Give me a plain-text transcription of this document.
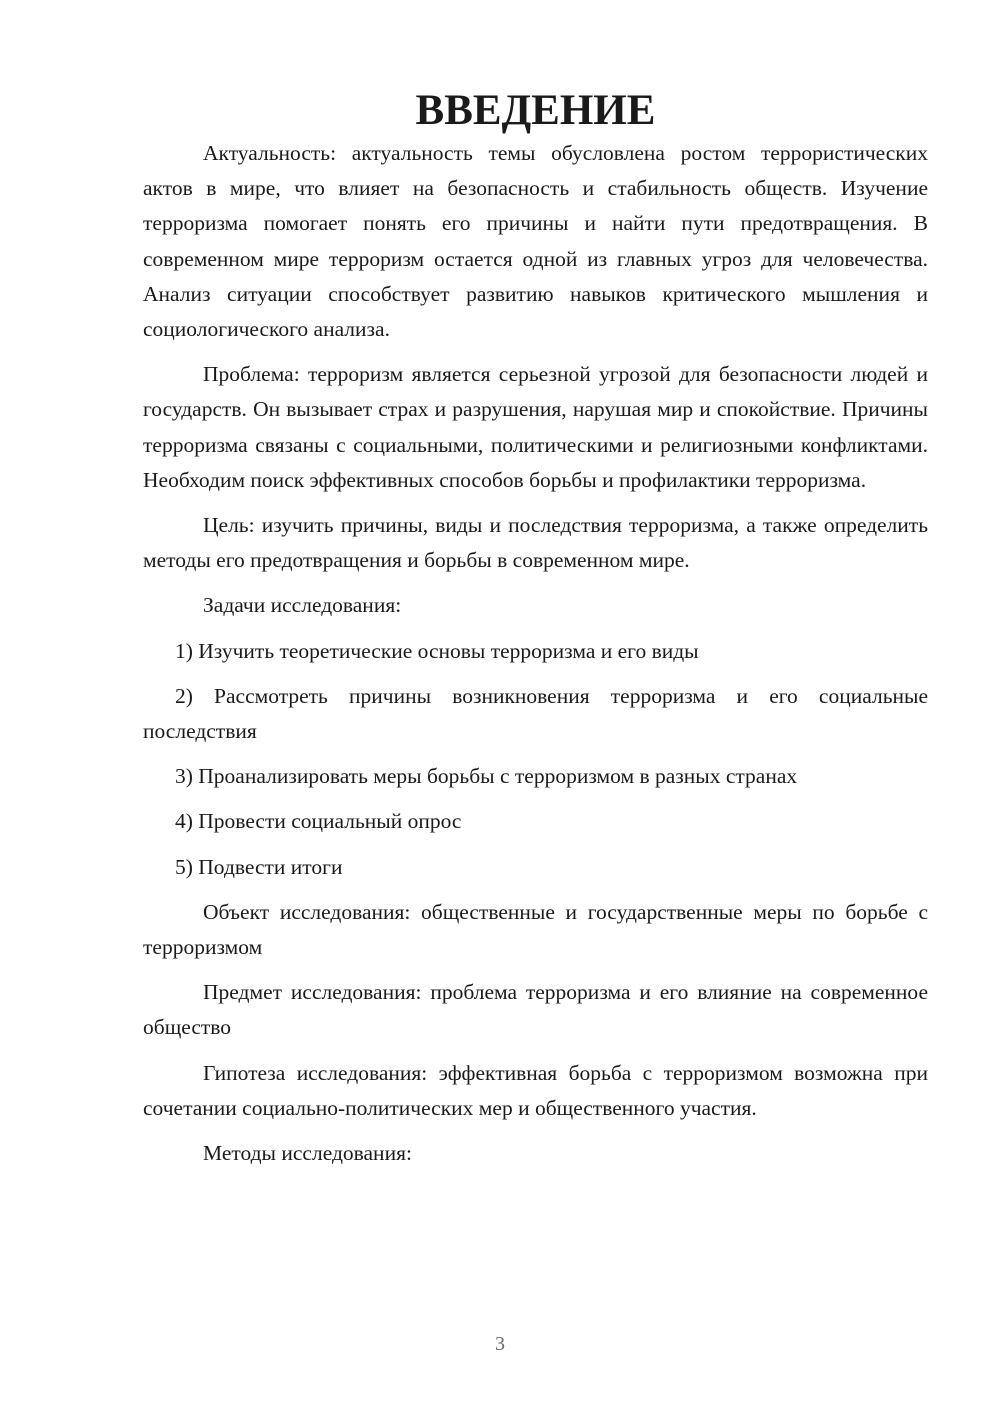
ВВЕДЕНИЕ

Актуальность: актуальность темы обусловлена ростом террористических актов в мире, что влияет на безопасность и стабильность обществ. Изучение терроризма помогает понять его причины и найти пути предотвращения. В современном мире терроризм остается одной из главных угроз для человечества. Анализ ситуации способствует развитию навыков критического мышления и социологического анализа.

Проблема: терроризм является серьезной угрозой для безопасности людей и государств. Он вызывает страх и разрушения, нарушая мир и спокойствие. Причины терроризма связаны с социальными, политическими и религиозными конфликтами. Необходим поиск эффективных способов борьбы и профилактики терроризма.

Цель: изучить причины, виды и последствия терроризма, а также определить методы его предотвращения и борьбы в современном мире.

Задачи исследования:

1) Изучить теоретические основы терроризма и его виды

2) Рассмотреть причины возникновения терроризма и его социальные последствия

3) Проанализировать меры борьбы с терроризмом в разных странах

4) Провести социальный опрос

5) Подвести итоги

Объект исследования: общественные и государственные меры по борьбе с терроризмом

Предмет исследования: проблема терроризма и его влияние на современное общество

Гипотеза исследования: эффективная борьба с терроризмом возможна при сочетании социально-политических мер и общественного участия.

Методы исследования:

3
